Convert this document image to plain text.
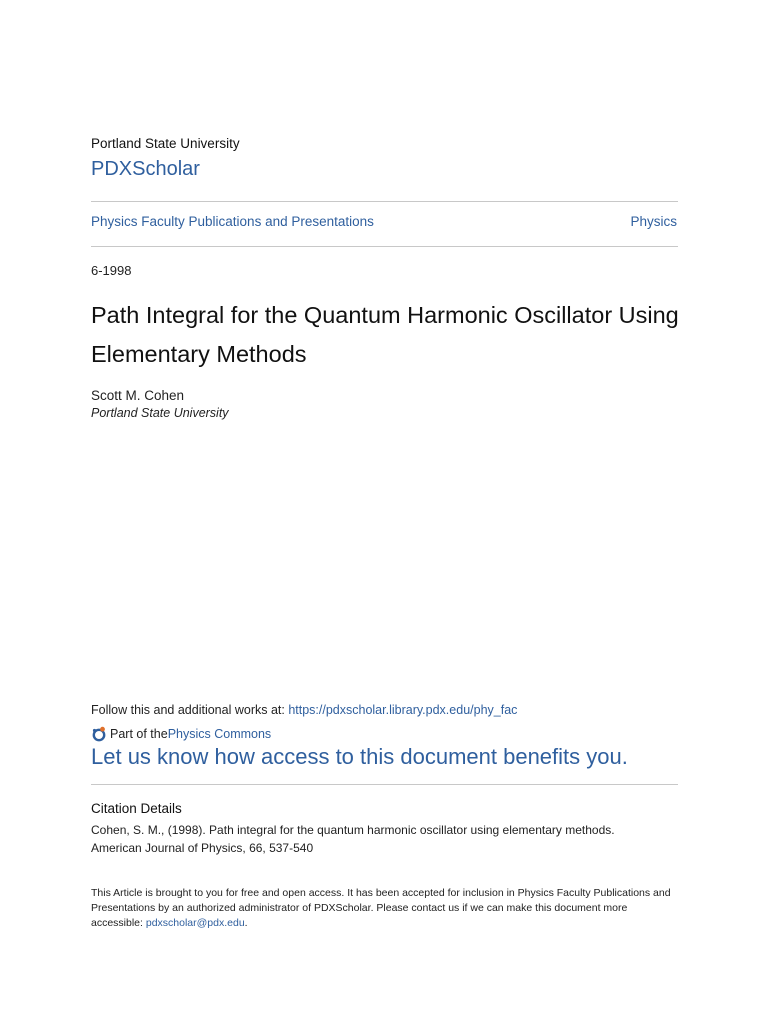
Portland State University
PDXScholar
Physics Faculty Publications and Presentations	Physics
6-1998
Path Integral for the Quantum Harmonic Oscillator Using Elementary Methods
Scott M. Cohen
Portland State University
Follow this and additional works at: https://pdxscholar.library.pdx.edu/phy_fac
Part of the Physics Commons
Let us know how access to this document benefits you.
Citation Details
Cohen, S. M., (1998). Path integral for the quantum harmonic oscillator using elementary methods.
American Journal of Physics, 66, 537-540
This Article is brought to you for free and open access. It has been accepted for inclusion in Physics Faculty Publications and Presentations by an authorized administrator of PDXScholar. Please contact us if we can make this document more accessible: pdxscholar@pdx.edu.
